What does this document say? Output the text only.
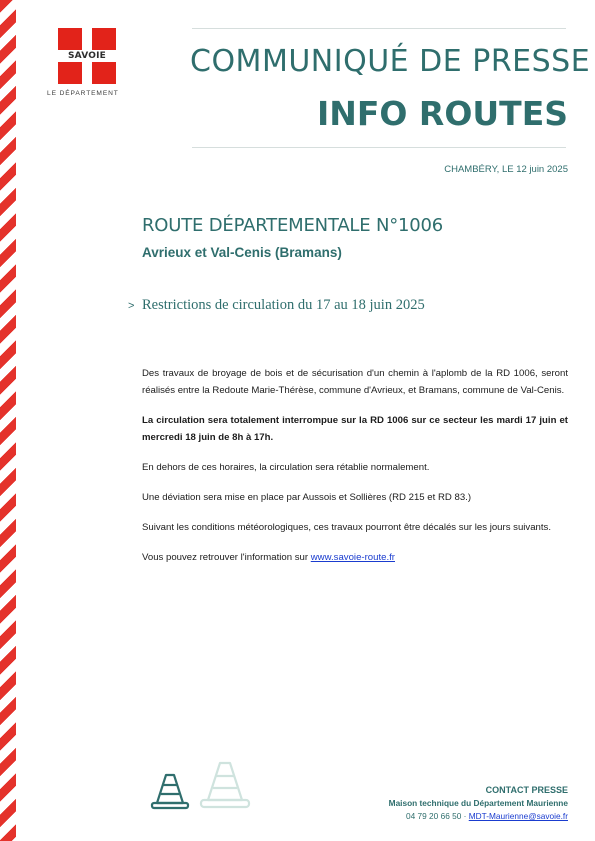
SAVOIE
LE DÉPARTEMENT
COMMUNIQUÉ DE PRESSE
INFO ROUTES
CHAMBÉRY, LE 12 juin 2025
ROUTE DÉPARTEMENTALE N°1006
Avrieux et Val-Cenis (Bramans)
> Restrictions de circulation du 17 au 18 juin 2025

Des travaux de broyage de bois et de sécurisation d'un chemin à l'aplomb de la RD 1006, seront réalisés entre la Redoute Marie-Thérèse, commune d'Avrieux, et Bramans, commune de Val-Cenis.

La circulation sera totalement interrompue sur la RD 1006 sur ce secteur les mardi 17 juin et mercredi 18 juin de 8h à 17h.

En dehors de ces horaires, la circulation sera rétablie normalement.

Une déviation sera mise en place par Aussois et Sollières (RD 215 et RD 83.)

Suivant les conditions météorologiques, ces travaux pourront être décalés sur les jours suivants.

Vous pouvez retrouver l'information sur www.savoie-route.fr

CONTACT PRESSE
Maison technique du Département Maurienne
04 79 20 66 50 · MDT-Maurienne@savoie.fr
